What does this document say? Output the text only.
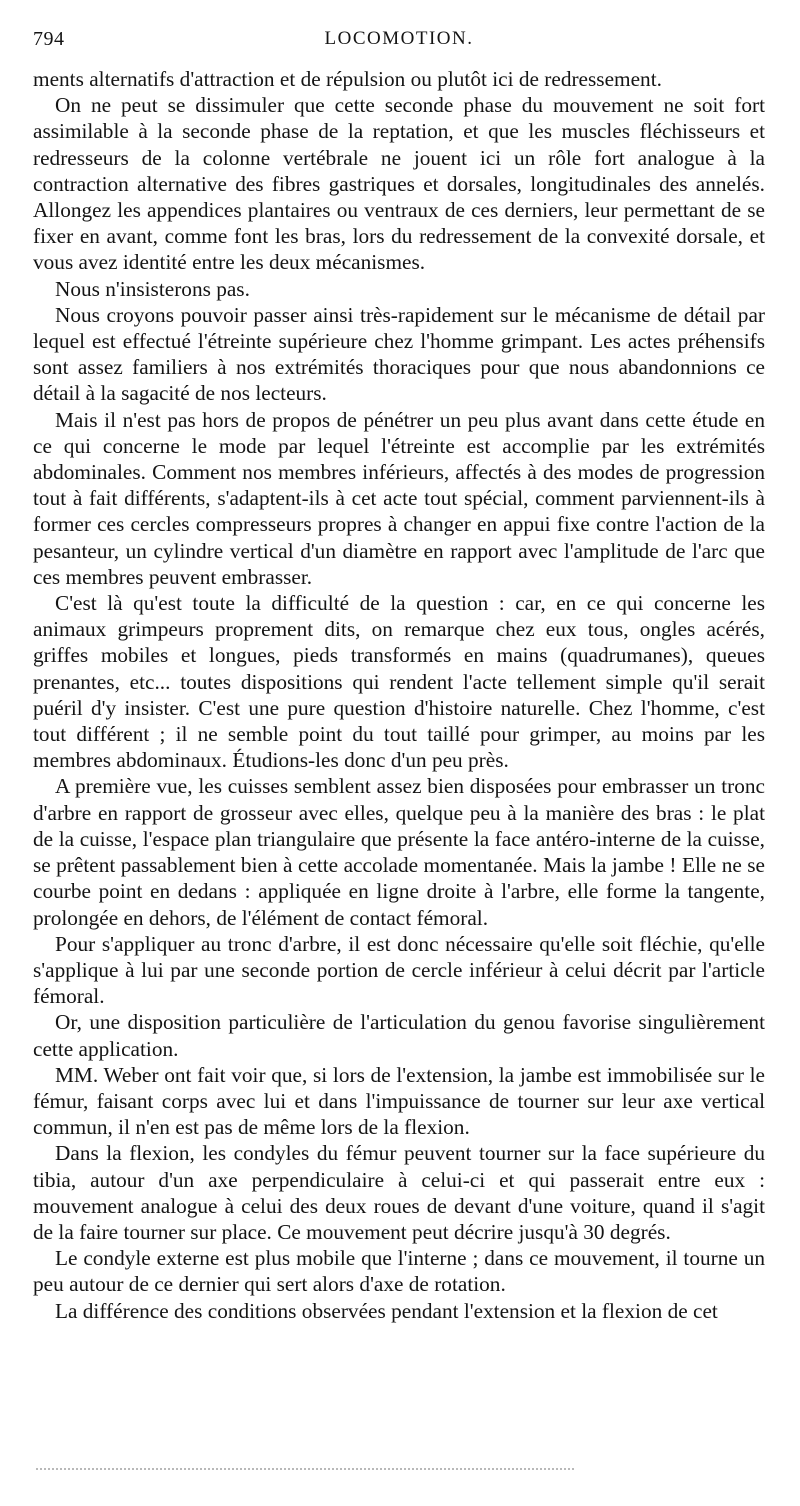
794	LOCOMOTION.

ments alternatifs d'attraction et de répulsion ou plutôt ici de redressement.

On ne peut se dissimuler que cette seconde phase du mouvement ne soit fort assimilable à la seconde phase de la reptation, et que les muscles fléchisseurs et redresseurs de la colonne vertébrale ne jouent ici un rôle fort analogue à la contraction alternative des fibres gastriques et dorsales, longitudinales des annelés. Allongez les appendices plantaires ou ventraux de ces derniers, leur permettant de se fixer en avant, comme font les bras, lors du redressement de la convexité dorsale, et vous avez identité entre les deux mécanismes.

Nous n'insisterons pas.

Nous croyons pouvoir passer ainsi très-rapidement sur le mécanisme de détail par lequel est effectué l'étreinte supérieure chez l'homme grimpant. Les actes préhensifs sont assez familiers à nos extrémités thoraciques pour que nous abandonnions ce détail à la sagacité de nos lecteurs.

Mais il n'est pas hors de propos de pénétrer un peu plus avant dans cette étude en ce qui concerne le mode par lequel l'étreinte est accomplie par les extrémités abdominales. Comment nos membres inférieurs, affectés à des modes de progression tout à fait différents, s'adaptent-ils à cet acte tout spécial, comment parviennent-ils à former ces cercles compresseurs propres à changer en appui fixe contre l'action de la pesanteur, un cylindre vertical d'un diamètre en rapport avec l'amplitude de l'arc que ces membres peuvent embrasser.

C'est là qu'est toute la difficulté de la question : car, en ce qui concerne les animaux grimpeurs proprement dits, on remarque chez eux tous, ongles acérés, griffes mobiles et longues, pieds transformés en mains (quadrumanes), queues prenantes, etc... toutes dispositions qui rendent l'acte tellement simple qu'il serait puéril d'y insister. C'est une pure question d'histoire naturelle. Chez l'homme, c'est tout différent ; il ne semble point du tout taillé pour grimper, au moins par les membres abdominaux. Étudions-les donc d'un peu près.

A première vue, les cuisses semblent assez bien disposées pour embrasser un tronc d'arbre en rapport de grosseur avec elles, quelque peu à la manière des bras : le plat de la cuisse, l'espace plan triangulaire que présente la face antéro-interne de la cuisse, se prêtent passablement bien à cette accolade momentanée. Mais la jambe ! Elle ne se courbe point en dedans : appliquée en ligne droite à l'arbre, elle forme la tangente, prolongée en dehors, de l'élément de contact fémoral.

Pour s'appliquer au tronc d'arbre, il est donc nécessaire qu'elle soit fléchie, qu'elle s'applique à lui par une seconde portion de cercle inférieur à celui décrit par l'article fémoral.

Or, une disposition particulière de l'articulation du genou favorise singulièrement cette application.

MM. Weber ont fait voir que, si lors de l'extension, la jambe est immobilisée sur le fémur, faisant corps avec lui et dans l'impuissance de tourner sur leur axe vertical commun, il n'en est pas de même lors de la flexion.

Dans la flexion, les condyles du fémur peuvent tourner sur la face supérieure du tibia, autour d'un axe perpendiculaire à celui-ci et qui passerait entre eux : mouvement analogue à celui des deux roues de devant d'une voiture, quand il s'agit de la faire tourner sur place. Ce mouvement peut décrire jusqu'à 30 degrés.

Le condyle externe est plus mobile que l'interne ; dans ce mouvement, il tourne un peu autour de ce dernier qui sert alors d'axe de rotation.

La différence des conditions observées pendant l'extension et la flexion de cet
